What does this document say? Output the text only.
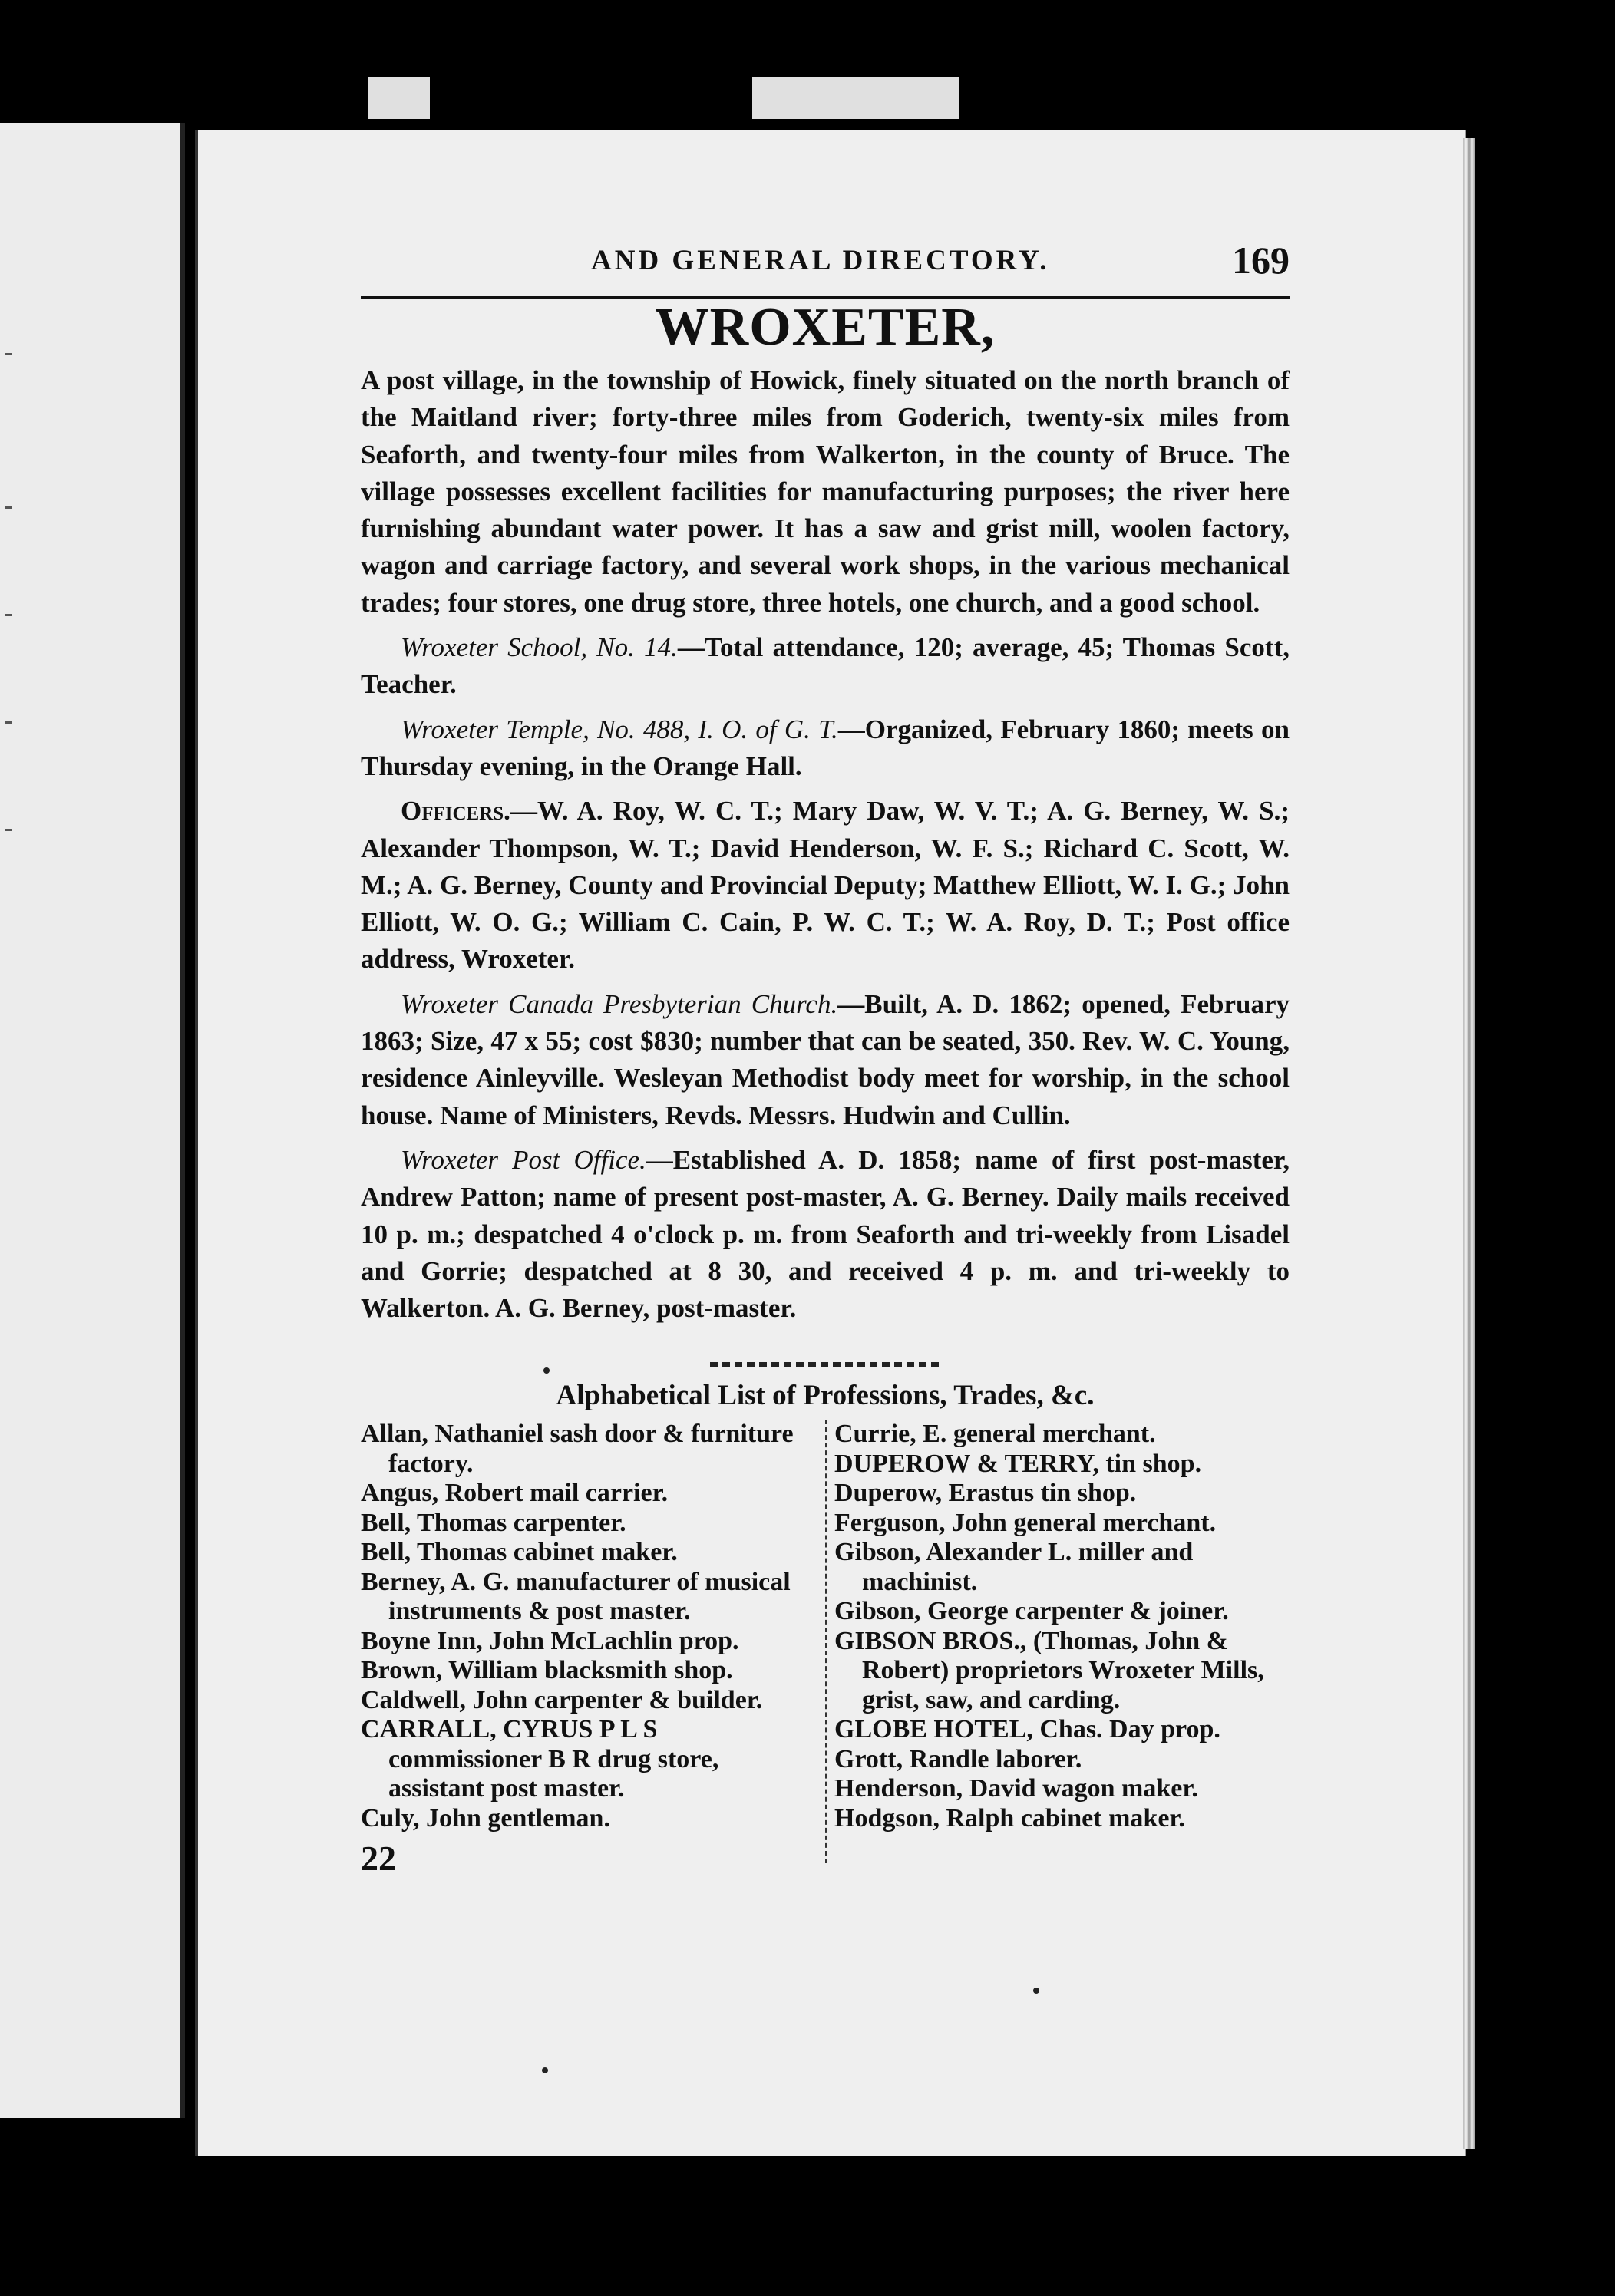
AND GENERAL DIRECTORY.	169
WROXETER,

A post village, in the township of Howick, finely situated on the north branch of the Maitland river; forty-three miles from Goderich, twenty-six miles from Seaforth, and twenty-four miles from Walkerton, in the county of Bruce. The village possesses excellent facilities for manufacturing purposes; the river here furnishing abundant water power. It has a saw and grist mill, woolen factory, wagon and carriage factory, and several work shops, in the various mechanical trades; four stores, one drug store, three hotels, one church, and a good school.

Wroxeter School, No. 14.—Total attendance, 120; average, 45; Thomas Scott, Teacher.

Wroxeter Temple, No. 488, I. O. of G. T.—Organized, February 1860; meets on Thursday evening, in the Orange Hall.

Officers.—W. A. Roy, W. C. T.; Mary Daw, W. V. T.; A. G. Berney, W. S.; Alexander Thompson, W. T.; David Henderson, W. F. S.; Richard C. Scott, W. M.; A. G. Berney, County and Provincial Deputy; Matthew Elliott, W. I. G.; John Elliott, W. O. G.; William C. Cain, P. W. C. T.; W. A. Roy, D. T.; Post office address, Wroxeter.

Wroxeter Canada Presbyterian Church.—Built, A. D. 1862; opened, February 1863; Size, 47 x 55; cost $830; number that can be seated, 350. Rev. W. C. Young, residence Ainleyville. Wesleyan Methodist body meet for worship, in the school house. Name of Ministers, Revds. Messrs. Hudwin and Cullin.

Wroxeter Post Office.—Established A. D. 1858; name of first post-master, Andrew Patton; name of present post-master, A. G. Berney. Daily mails received 10 p. m.; despatched 4 o'clock p. m. from Seaforth and tri-weekly from Lisadel and Gorrie; despatched at 8 30, and received 4 p. m. and tri-weekly to Walkerton. A. G. Berney, post-master.

Alphabetical List of Professions, Trades, &c.
Allan, Nathaniel sash door & furniture factory.
Angus, Robert mail carrier.
Bell, Thomas carpenter.
Bell, Thomas cabinet maker.
Berney, A. G. manufacturer of musical instruments & post master.
Boyne Inn, John McLachlin prop.
Brown, William blacksmith shop.
Caldwell, John carpenter & builder.
CARRALL, CYRUS P L S commissioner B R drug store, assistant post master.
Culy, John gentleman.
22
Currie, E. general merchant.
DUPEROW & TERRY, tin shop.
Duperow, Erastus tin shop.
Ferguson, John general merchant.
Gibson, Alexander L. miller and machinist.
Gibson, George carpenter & joiner.
GIBSON BROS., (Thomas, John & Robert) proprietors Wroxeter Mills, grist, saw, and carding.
GLOBE HOTEL, Chas. Day prop.
Grott, Randle laborer.
Henderson, David wagon maker.
Hodgson, Ralph cabinet maker.
